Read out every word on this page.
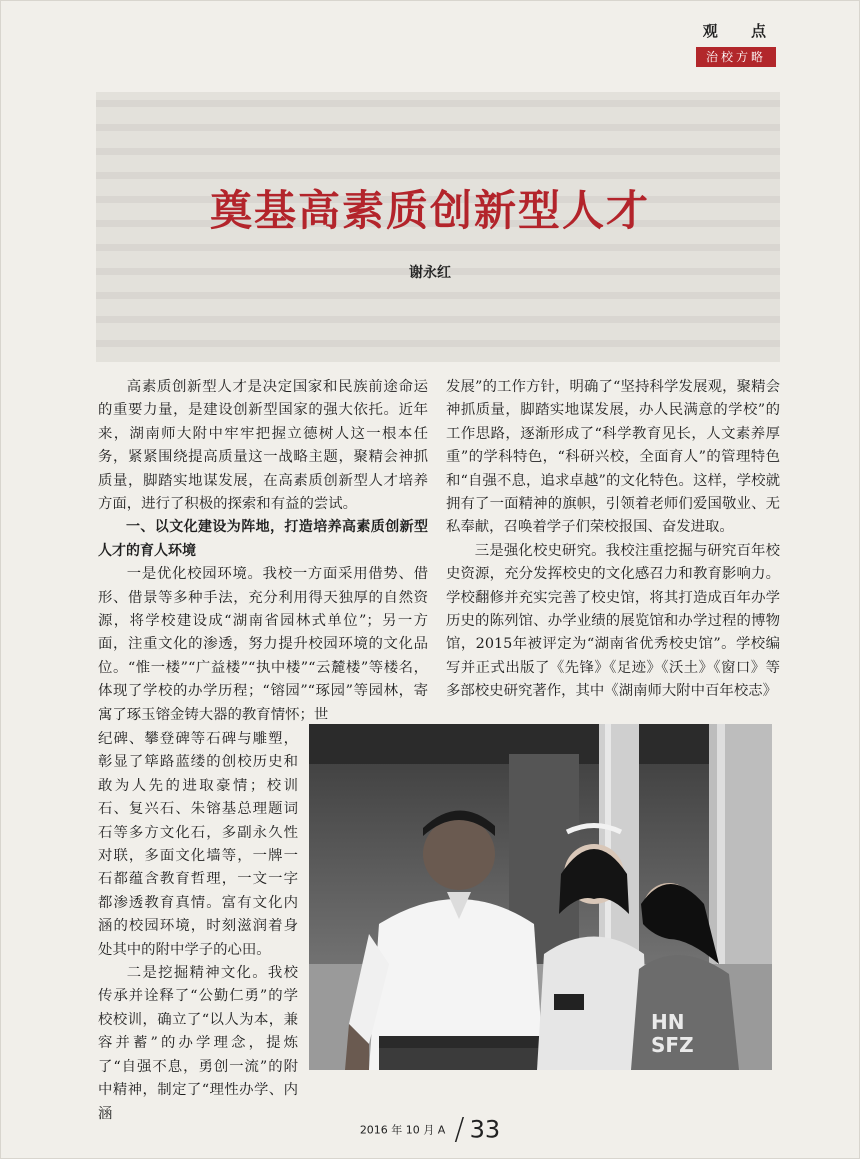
观 点
治校方略
奠基高素质创新型人才
谢永红

高素质创新型人才是决定国家和民族前途命运的重要力量，是建设创新型国家的强大依托。近年来，湖南师大附中牢牢把握立德树人这一根本任务，紧紧围绕提高质量这一战略主题，聚精会神抓质量，脚踏实地谋发展，在高素质创新型人才培养方面，进行了积极的探索和有益的尝试。

一、以文化建设为阵地，打造培养高素质创新型人才的育人环境

一是优化校园环境。我校一方面采用借势、借形、借景等多种手法，充分利用得天独厚的自然资源，将学校建设成“湖南省园林式单位”；另一方面，注重文化的渗透，努力提升校园环境的文化品位。“惟一楼”“广益楼”“执中楼”“云麓楼”等楼名，体现了学校的办学历程；“镕园”“琢园”等园林，寄寓了琢玉镕金铸大器的教育情怀；世

纪碑、攀登碑等石碑与雕塑，彰显了筚路蓝缕的创校历史和敢为人先的进取豪情；校训石、复兴石、朱镕基总理题词石等多方文化石，多副永久性对联，多面文化墙等，一牌一石都蕴含教育哲理，一文一字都渗透教育真情。富有文化内涵的校园环境，时刻滋润着身处其中的附中学子的心田。

二是挖掘精神文化。我校传承并诠释了“公勤仁勇”的学校校训，确立了“以人为本，兼容并蓄”的办学理念，提炼了“自强不息，勇创一流”的附中精神，制定了“理性办学、内涵

发展”的工作方针，明确了“坚持科学发展观，聚精会神抓质量，脚踏实地谋发展，办人民满意的学校”的工作思路，逐渐形成了“科学教育见长，人文素养厚重”的学科特色，“科研兴校，全面育人”的管理特色和“自强不息，追求卓越”的文化特色。这样，学校就拥有了一面精神的旗帜，引领着老师们爱国敬业、无私奉献，召唤着学子们荣校报国、奋发进取。

三是强化校史研究。我校注重挖掘与研究百年校史资源，充分发挥校史的文化感召力和教育影响力。学校翻修并充实完善了校史馆，将其打造成百年办学历史的陈列馆、办学业绩的展览馆和办学过程的博物馆，2015年被评定为“湖南省优秀校史馆”。学校编写并正式出版了《先锋》《足迹》《沃土》《窗口》等多部校史研究著作，其中《湖南师大附中百年校志》

HN
SFZ
2016 年 10 月 A / 33
